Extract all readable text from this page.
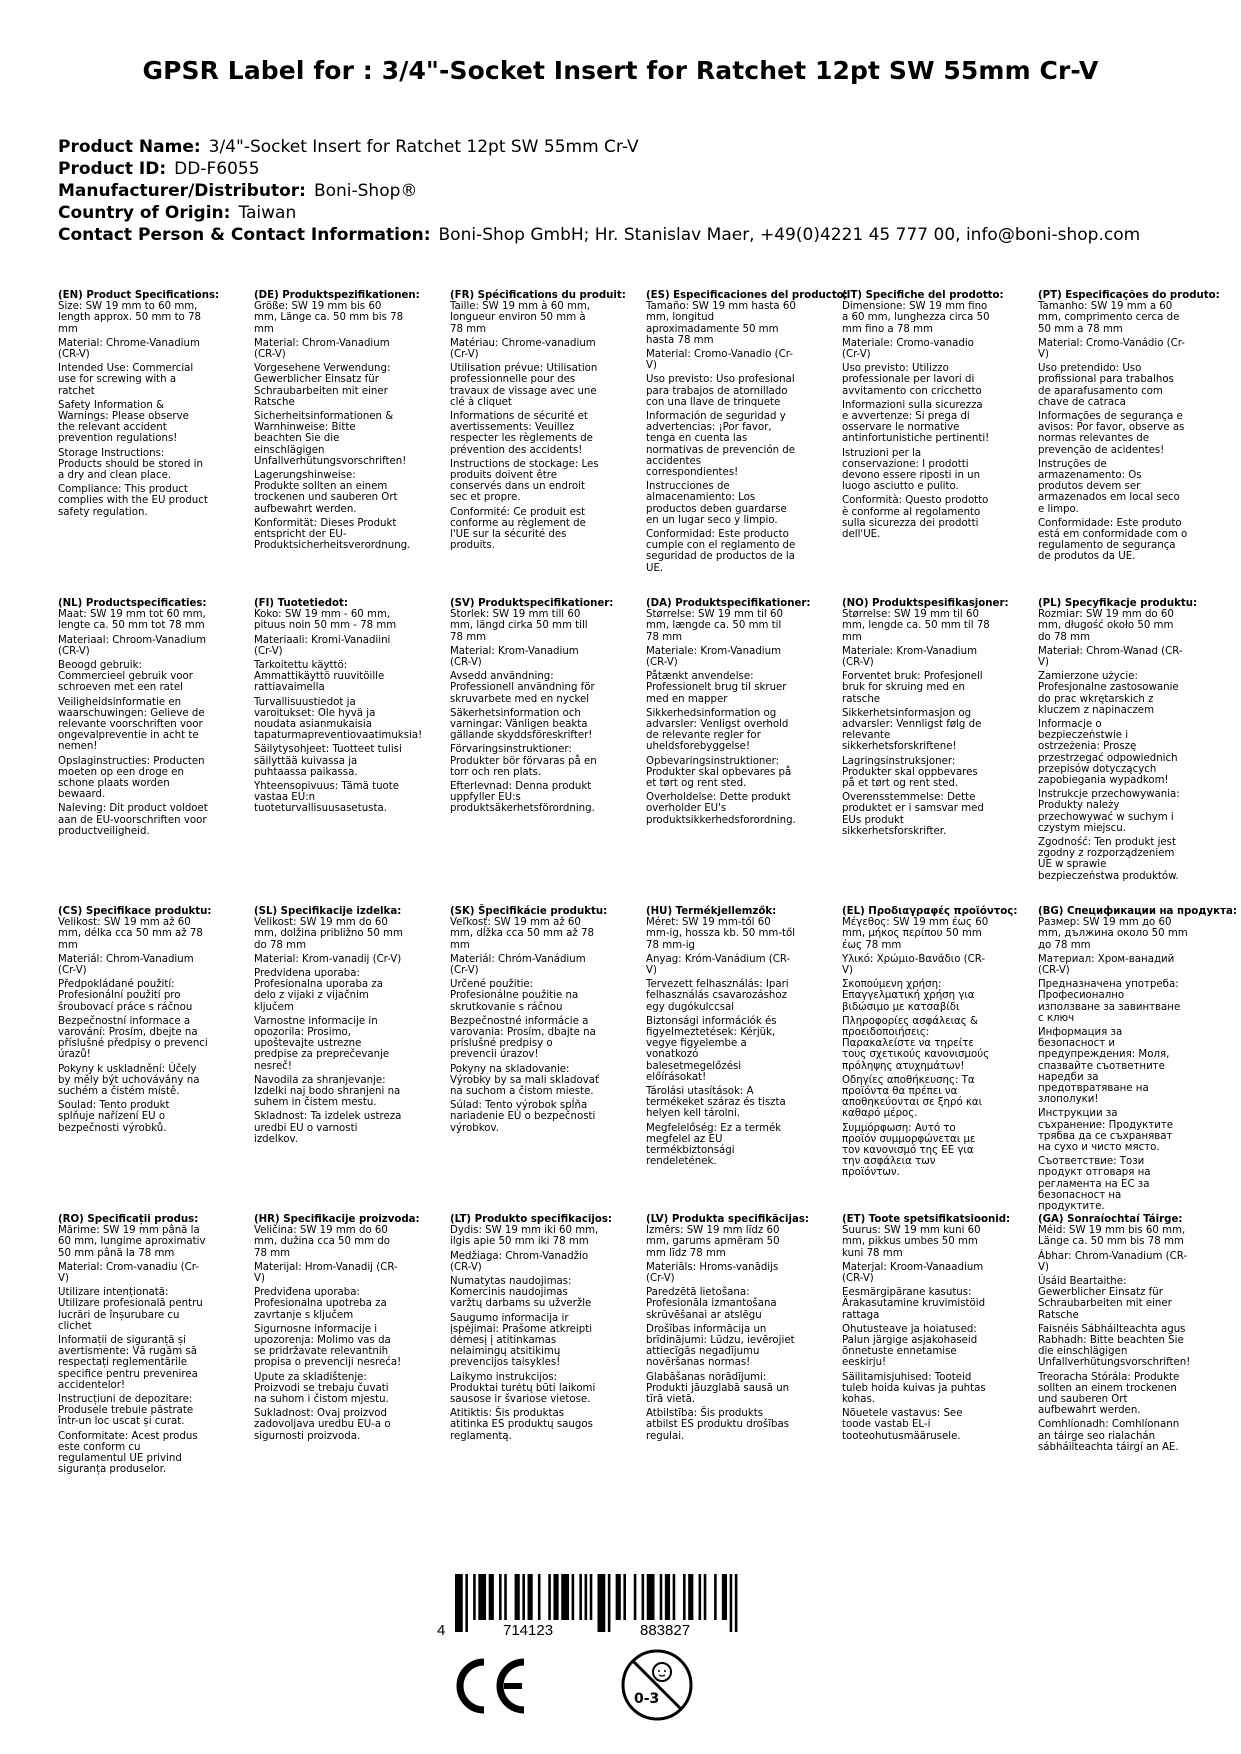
GPSR Label for : 3/4"-Socket Insert for Ratchet 12pt SW 55mm Cr-V
Product Name: 3/4"-Socket Insert for Ratchet 12pt SW 55mm Cr-V
Product ID: DD-F6055
Manufacturer/Distributor: Boni-Shop®
Country of Origin: Taiwan
Contact Person & Contact Information: Boni-Shop GmbH; Hr. Stanislav Maer, +49(0)4221 45 777 00, info@boni-shop.com
(EN) Product Specifications:
Size: SW 19 mm to 60 mm, length approx. 50 mm to 78 mm
Material: Chrome-Vanadium (CR-V)
Intended Use: Commercial use for screwing with a ratchet
Safety Information & Warnings: Please observe the relevant accident prevention regulations!
Storage Instructions: Products should be stored in a dry and clean place.
Compliance: This product complies with the EU product safety regulation.
(DE) Produktspezifikationen:
Größe: SW 19 mm bis 60 mm, Länge ca. 50 mm bis 78 mm
Material: Chrom-Vanadium (CR-V)
Vorgesehene Verwendung: Gewerblicher Einsatz für Schraubarbeiten mit einer Ratsche
Sicherheitsinformationen & Warnhinweise: Bitte beachten Sie die einschlägigen Unfallverhütungsvorschriften!
Lagerungshinweise: Produkte sollten an einem trockenen und sauberen Ort aufbewahrt werden.
Konformität: Dieses Produkt entspricht der EU-Produktsicherheitsverordnung.
(FR) Spécifications du produit:
Taille: SW 19 mm à 60 mm, longueur environ 50 mm à 78 mm
Matériau: Chrome-vanadium (Cr-V)
Utilisation prévue: Utilisation professionnelle pour des travaux de vissage avec une clé à cliquet
Informations de sécurité et avertissements: Veuillez respecter les règlements de prévention des accidents!
Instructions de stockage: Les produits doivent être conservés dans un endroit sec et propre.
Conformité: Ce produit est conforme au règlement de l'UE sur la sécurité des produits.
(ES) Especificaciones del producto:
Tamaño: SW 19 mm hasta 60 mm, longitud aproximadamente 50 mm hasta 78 mm
Material: Cromo-Vanadio (Cr-V)
Uso previsto: Uso profesional para trabajos de atornillado con una llave de trinquete
Información de seguridad y advertencias: ¡Por favor, tenga en cuenta las normativas de prevención de accidentes correspondientes!
Instrucciones de almacenamiento: Los productos deben guardarse en un lugar seco y limpio.
Conformidad: Este producto cumple con el reglamento de seguridad de productos de la UE.
(IT) Specifiche del prodotto:
Dimensione: SW 19 mm fino a 60 mm, lunghezza circa 50 mm fino a 78 mm
Materiale: Cromo-vanadio (Cr-V)
Uso previsto: Utilizzo professionale per lavori di avvitamento con cricchetto
Informazioni sulla sicurezza e avvertenze: Si prega di osservare le normative antinfortunistiche pertinenti!
Istruzioni per la conservazione: I prodotti devono essere riposti in un luogo asciutto e pulito.
Conformità: Questo prodotto è conforme al regolamento sulla sicurezza dei prodotti dell'UE.
(PT) Especificações do produto:
Tamanho: SW 19 mm a 60 mm, comprimento cerca de 50 mm a 78 mm
Material: Cromo-Vanádio (Cr-V)
Uso pretendido: Uso profissional para trabalhos de aparafusamento com chave de catraca
Informações de segurança e avisos: Por favor, observe as normas relevantes de prevenção de acidentes!
Instruções de armazenamento: Os produtos devem ser armazenados em local seco e limpo.
Conformidade: Este produto está em conformidade com o regulamento de segurança de produtos da UE.
(NL) Productspecificaties:
Maat: SW 19 mm tot 60 mm, lengte ca. 50 mm tot 78 mm
Materiaal: Chroom-Vanadium (CR-V)
Beoogd gebruik: Commercieel gebruik voor schroeven met een ratel
Veiligheidsinformatie en waarschuwingen: Gelieve de relevante voorschriften voor ongevalpreventie in acht te nemen!
Opslaginstructies: Producten moeten op een droge en schone plaats worden bewaard.
Naleving: Dit product voldoet aan de EU-voorschriften voor productveiligheid.
(FI) Tuotetiedot:
Koko: SW 19 mm - 60 mm, pituus noin 50 mm - 78 mm
Materiaali: Kromi-Vanadiini (Cr-V)
Tarkoitettu käyttö: Ammattikäyttö ruuvitöille rattiavaimella
Turvallisuustiedot ja varoitukset: Ole hyvä ja noudata asianmukaisia tapaturmapreventiovaatimuksia!
Säilytysohjeet: Tuotteet tulisi säilyttää kuivassa ja puhtaassa paikassa.
Yhteensopivuus: Tämä tuote vastaa EU:n tuoteturvallisuusasetusta.
(SV) Produktspecifikationer:
Storlek: SW 19 mm till 60 mm, längd cirka 50 mm till 78 mm
Material: Krom-Vanadium (CR-V)
Avsedd användning: Professionell användning för skruvarbete med en nyckel
Säkerhetsinformation och varningar: Vänligen beakta gällande skyddsföreskrifter!
Förvaringsinstruktioner: Produkter bör förvaras på en torr och ren plats.
Efterlevnad: Denna produkt uppfyller EU:s produktsäkerhetsförordning.
(DA) Produktspecifikationer:
Størrelse: SW 19 mm til 60 mm, længde ca. 50 mm til 78 mm
Materiale: Krom-Vanadium (CR-V)
Påtænkt anvendelse: Professionelt brug til skruer med en mapper
Sikkerhedsinformation og advarsler: Venligst overhold de relevante regler for uheldsforebyggelse!
Opbevaringsinstruktioner: Produkter skal opbevares på et tørt og rent sted.
Overholdelse: Dette produkt overholder EU's produktsikkerhedsforordning.
(NO) Produktspesifikasjoner:
Størrelse: SW 19 mm til 60 mm, lengde ca. 50 mm til 78 mm
Materiale: Krom-Vanadium (CR-V)
Forventet bruk: Profesjonell bruk for skruing med en ratsche
Sikkerhetsinformasjon og advarsler: Vennligst følg de relevante sikkerhetsforskriftene!
Lagringsinstruksjoner: Produkter skal oppbevares på et tørt og rent sted.
Overensstemmelse: Dette produktet er i samsvar med EUs produkt sikkerhetsforskrifter.
(PL) Specyfikacje produktu:
Rozmiar: SW 19 mm do 60 mm, długość około 50 mm do 78 mm
Materiał: Chrom-Wanad (CR-V)
Zamierzone użycie: Profesjonalne zastosowanie do prac wkrętarskich z kluczem z napinaczem
Informacje o bezpieczeństwie i ostrzeżenia: Proszę przestrzegać odpowiednich przepisów dotyczących zapobiegania wypadkom!
Instrukcje przechowywania: Produkty należy przechowywać w suchym i czystym miejscu.
Zgodność: Ten produkt jest zgodny z rozporządzeniem UE w sprawie bezpieczeństwa produktów.
(CS) Specifikace produktu:
Velikost: SW 19 mm až 60 mm, délka cca 50 mm až 78 mm
Materiál: Chrom-Vanadium (Cr-V)
Předpokládané použití: Profesionální použití pro šroubovací práce s ráčnou
Bezpečnostní informace a varování: Prosím, dbejte na příslušné předpisy o prevenci úrazů!
Pokyny k uskladnění: Účely by měly být uchovávány na suchém a čistém místě.
Soulad: Tento produkt splňuje nařízení EU o bezpečnosti výrobků.
(SL) Specifikacije izdelka:
Velikost: SW 19 mm do 60 mm, dolžina približno 50 mm do 78 mm
Material: Krom-vanadij (Cr-V)
Predvidena uporaba: Profesionalna uporaba za delo z vijaki z vijačnim ključem
Varnostne informacije in opozorila: Prosimo, upoštevajte ustrezne predpise za preprečevanje nesreč!
Navodila za shranjevanje: Izdelki naj bodo shranjeni na suhem in čistem mestu.
Skladnost: Ta izdelek ustreza uredbi EU o varnosti izdelkov.
(SK) Špecifikácie produktu:
Veľkosť: SW 19 mm až 60 mm, dĺžka cca 50 mm až 78 mm
Materiál: Chróm-Vanádium (Cr-V)
Určené použitie: Profesionálne použitie na skrutkovanie s ráčnou
Bezpečnostné informácie a varovania: Prosím, dbajte na príslušné predpisy o prevencii úrazov!
Pokyny na skladovanie: Výrobky by sa mali skladovať na suchom a čistom mieste.
Súlad: Tento výrobok spĺňa nariadenie EÚ o bezpečnosti výrobkov.
(HU) Termékjellemzők:
Méret: SW 19 mm-től 60 mm-ig, hossza kb. 50 mm-től 78 mm-ig
Anyag: Króm-Vanádium (CR-V)
Tervezett felhasználás: Ipari felhasználás csavarozáshoz egy dugókulccsal
Biztonsági információk és figyelmeztetések: Kérjük, vegye figyelembe a vonatkozó balesetmegelőzési előírásokat!
Tárolási utasítások: A termékeket száraz és tiszta helyen kell tárolni.
Megfelelőség: Ez a termék megfelel az EU termékbiztonsági rendeletének.
(EL) Προδιαγραφές προϊόντος:
Μέγεθος: SW 19 mm έως 60 mm, μήκος περίπου 50 mm έως 78 mm
Υλικό: Χρώμιο-Βανάδιο (CR-V)
Σκοπούμενη χρήση: Επαγγελματική χρήση για βιδώσιμο με κατσαβίδι
Πληροφορίες ασφάλειας & προειδοποιήσεις: Παρακαλείστε να τηρείτε τους σχετικούς κανονισμούς πρόληψης ατυχημάτων!
Οδηγίες αποθήκευσης: Τα προϊόντα θα πρέπει να αποθηκεύονται σε ξηρό και καθαρό μέρος.
Συμμόρφωση: Αυτό το προϊόν συμμορφώνεται με τον κανονισμό της ΕΕ για την ασφάλεια των προϊόντων.
(BG) Спецификации на продукта:
Размер: SW 19 mm до 60 mm, дължина около 50 mm до 78 mm
Материал: Хром-ванадий (CR-V)
Предназначена употреба: Професионално използване за завинтване с ключ
Информация за безопасност и предупреждения: Моля, спазвайте съответните наредби за предотвратяване на злополуки!
Инструкции за съхранение: Продуктите трябва да се съхраняват на сухо и чисто място.
Съответствие: Този продукт отговаря на регламента на ЕС за безопасност на продуктите.
(RO) Specificații produs:
Mărime: SW 19 mm până la 60 mm, lungime aproximativ 50 mm până la 78 mm
Material: Crom-vanadiu (Cr-V)
Utilizare intenționată: Utilizare profesională pentru lucrări de înșurubare cu clichet
Informații de siguranță și avertismente: Vă rugăm să respectați reglementările specifice pentru prevenirea accidentelor!
Instrucțiuni de depozitare: Produsele trebuie păstrate într-un loc uscat și curat.
Conformitate: Acest produs este conform cu regulamentul UE privind siguranța produselor.
(HR) Specifikacije proizvoda:
Veličina: SW 19 mm do 60 mm, dužina cca 50 mm do 78 mm
Materijal: Hrom-Vanadij (CR-V)
Predviđena uporaba: Profesionalna upotreba za zavrtanje s ključem
Sigurnosne informacije i upozorenja: Molimo vas da se pridržavate relevantnih propisa o prevenciji nesreća!
Upute za skladištenje: Proizvodi se trebaju čuvati na suhom i čistom mjestu.
Sukladnost: Ovaj proizvod zadovoljava uredbu EU-a o sigurnosti proizvoda.
(LT) Produkto specifikacijos:
Dydis: SW 19 mm iki 60 mm, ilgis apie 50 mm iki 78 mm
Medžiaga: Chrom-Vanadžio (CR-V)
Numatytas naudojimas: Komercinis naudojimas varžtų darbams su užveržle
Saugumo informacija ir įspėjimai: Prašome atkreipti dėmesį į atitinkamas nelaimingų atsitikimų prevencijos taisykles!
Laikymo instrukcijos: Produktai turėtų būti laikomi sausose ir švariose vietose.
Atitiktis: Šis produktas atitinka ES produktų saugos reglamentą.
(LV) Produkta specifikācijas:
Izmērs: SW 19 mm līdz 60 mm, garums apmēram 50 mm līdz 78 mm
Materiāls: Hroms-vanādijs (Cr-V)
Paredzētā lietošana: Profesionāla izmantošana skrūvēšanai ar atslēgu
Drošības informācija un brīdinājumi: Lūdzu, ievērojiet attiecīgās negadījumu novēršanas normas!
Glabāšanas norādījumi: Produkti jāuzglabā sausā un tīrā vietā.
Atbilstība: Šis produkts atbilst ES produktu drošības regulai.
(ET) Toote spetsifikatsioonid:
Suurus: SW 19 mm kuni 60 mm, pikkus umbes 50 mm kuni 78 mm
Materjal: Kroom-Vanaadium (CR-V)
Eesmärgipärane kasutus: Ärakasutamine kruvimistöid rattaga
Ohutusteave ja hoiatused: Palun järgige asjakohaseid õnnetuste ennetamise eeskirju!
Säilitamisjuhised: Tooteid tuleb hoida kuivas ja puhtas kohas.
Nõuetele vastavus: See toode vastab EL-i tooteohutusmäärusele.
(GA) Sonraíochtaí Táirge:
Méid: SW 19 mm bis 60 mm, Länge ca. 50 mm bis 78 mm
Ábhar: Chrom-Vanadium (CR-V)
Úsáid Beartaithe: Gewerblicher Einsatz für Schraubarbeiten mit einer Ratsche
Faisnéis Sábháilteachta agus Rabhadh: Bitte beachten Sie die einschlägigen Unfallverhütungsvorschriften!
Treoracha Stórála: Produkte sollten an einem trockenen und sauberen Ort aufbewahrt werden.
Comhlíonadh: Comhlíonann an táirge seo rialachán sábháilteachta táirgí an AE.
4	714123	883827
0-3
